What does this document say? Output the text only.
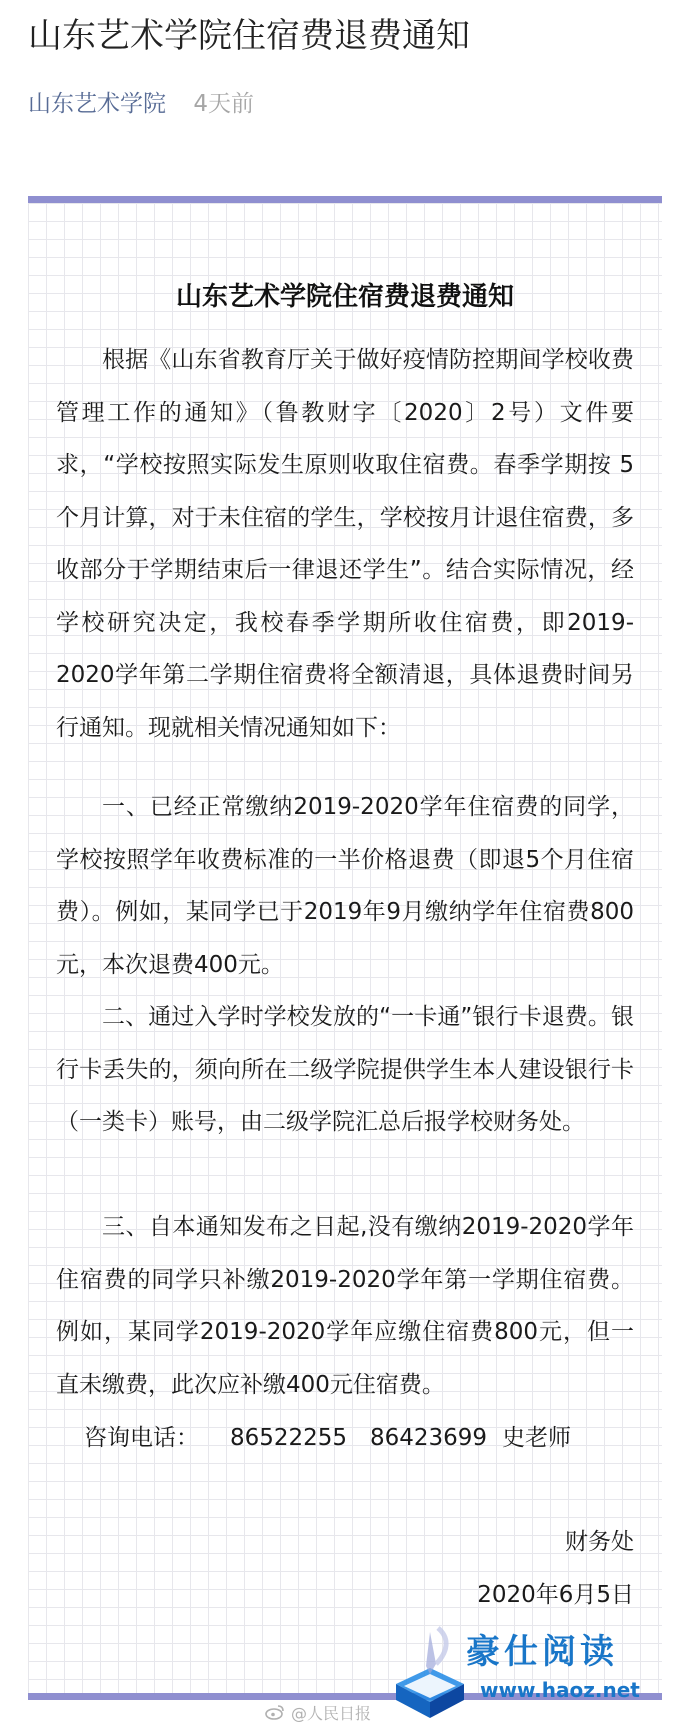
山东艺术学院住宿费退费通知
山东艺术学院 4天前
山东艺术学院住宿费退费通知

根据《山东省教育厅关于做好疫情防控期间学校收费管理工作的通知》（鲁教财字〔2020〕2号）文件要求，“学校按照实际发生原则收取住宿费。春季学期按 5 个月计算，对于未住宿的学生，学校按月计退住宿费，多收部分于学期结束后一律退还学生”。结合实际情况，经学校研究决定，我校春季学期所收住宿费，即2019-2020学年第二学期住宿费将全额清退，具体退费时间另行通知。现就相关情况通知如下：

一、已经正常缴纳2019-2020学年住宿费的同学，学校按照学年收费标准的一半价格退费（即退5个月住宿费）。例如，某同学已于2019年9月缴纳学年住宿费800元，本次退费400元。

二、通过入学时学校发放的“一卡通”银行卡退费。银行卡丢失的，须向所在二级学院提供学生本人建设银行卡（一类卡）账号，由二级学院汇总后报学校财务处。

三、自本通知发布之日起,没有缴纳2019-2020学年住宿费的同学只补缴2019-2020学年第一学期住宿费。例如，某同学2019-2020学年应缴住宿费800元，但一直未缴费，此次应补缴400元住宿费。

咨询电话： 86522255 86423699 史老师
财务处
2020年6月5日
@人民日报
豪仕阅读
www.haoz.net
